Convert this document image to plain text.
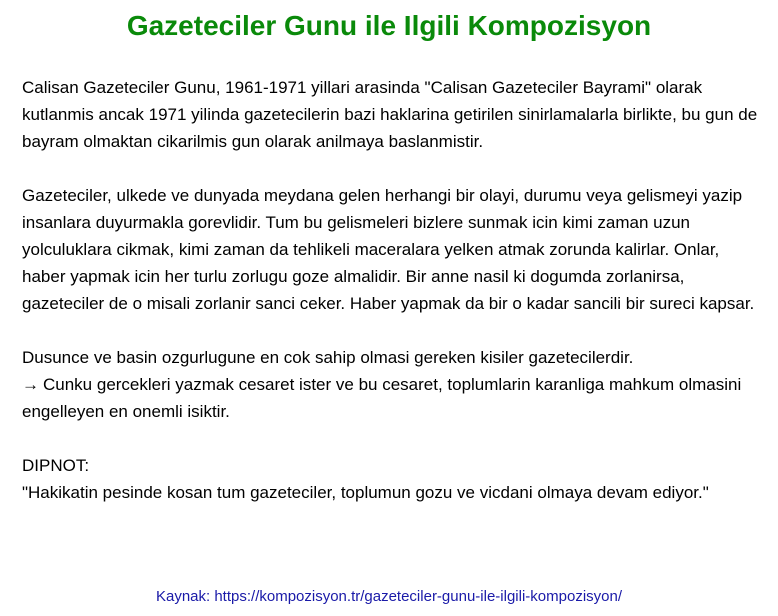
Gazeteciler Gunu ile Ilgili Kompozisyon

Calisan Gazeteciler Gunu, 1961-1971 yillari arasinda "Calisan Gazeteciler Bayrami" olarak kutlanmis ancak 1971 yilinda gazetecilerin bazi haklarina getirilen sinirlamalarla birlikte, bu gun de bayram olmaktan cikarilmis gun olarak anilmaya baslanmistir.

Gazeteciler, ulkede ve dunyada meydana gelen herhangi bir olayi, durumu veya gelismeyi yazip insanlara duyurmakla gorevlidir. Tum bu gelismeleri bizlere sunmak icin kimi zaman uzun yolculuklara cikmak, kimi zaman da tehlikeli maceralara yelken atmak zorunda kalirlar. Onlar, haber yapmak icin her turlu zorlugu goze almalidir. Bir anne nasil ki dogumda zorlanirsa, gazeteciler de o misali zorlanir sanci ceker. Haber yapmak da bir o kadar sancili bir sureci kapsar.

Dusunce ve basin ozgurlugune en cok sahip olmasi gereken kisiler gazetecilerdir.
→ Cunku gercekleri yazmak cesaret ister ve bu cesaret, toplumlarin karanliga mahkum olmasini engelleyen en onemli isiktir.

DIPNOT:
"Hakikatin pesinde kosan tum gazeteciler, toplumun gozu ve vicdani olmaya devam ediyor."

Kaynak: https://kompozisyon.tr/gazeteciler-gunu-ile-ilgili-kompozisyon/
